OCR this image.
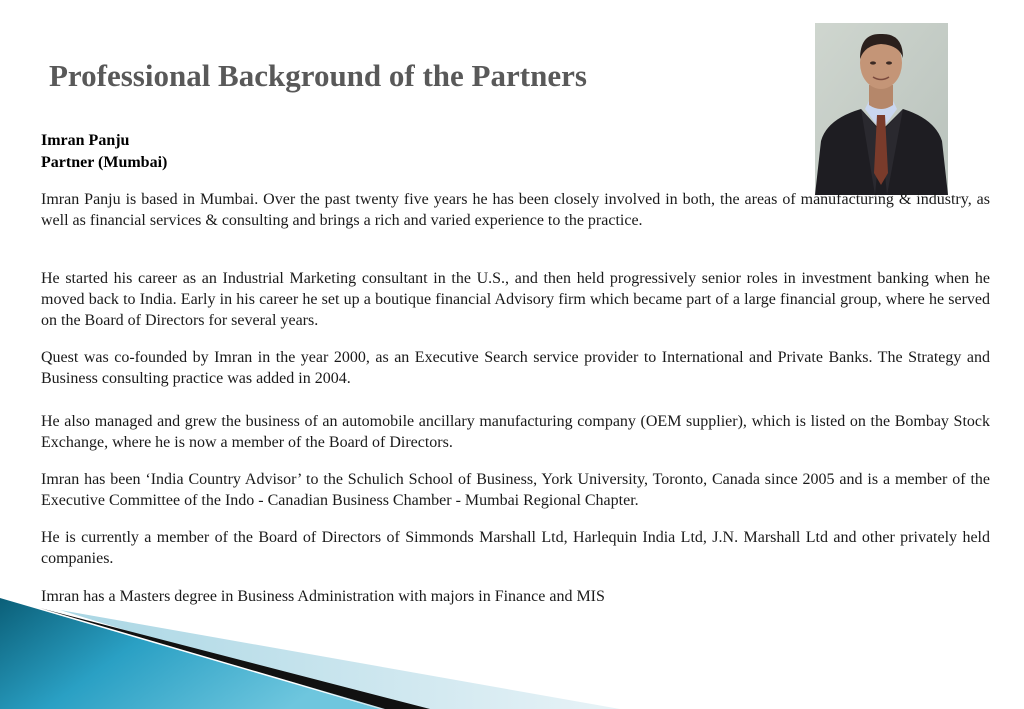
Professional Background of the Partners
Imran Panju
Partner (Mumbai)

Imran Panju is based in Mumbai. Over the past twenty five years he has been closely involved in both, the areas of manufacturing & industry, as well as financial services & consulting and brings a rich and varied experience to the practice.

He started his career as an Industrial Marketing consultant in the U.S., and then held progressively senior roles in investment banking when he moved back to India. Early in his career he set up a boutique financial Advisory firm which became part of a large financial group, where he served on the Board of Directors for several years.

Quest was co-founded by Imran in the year 2000, as an Executive Search service provider to International and Private Banks. The Strategy and Business consulting practice was added in 2004.

He also managed and grew the business of an automobile ancillary manufacturing company (OEM supplier), which is listed on the Bombay Stock Exchange, where he is now a member of the Board of Directors.

Imran has been ‘India Country Advisor’ to the Schulich School of Business, York University, Toronto, Canada since 2005 and is a member of the Executive Committee of the Indo - Canadian Business Chamber - Mumbai Regional Chapter.

He is currently a member of the Board of Directors of Simmonds Marshall Ltd, Harlequin India Ltd, J.N. Marshall Ltd and other privately held companies.

Imran has a Masters degree in Business Administration with majors in Finance and MIS
